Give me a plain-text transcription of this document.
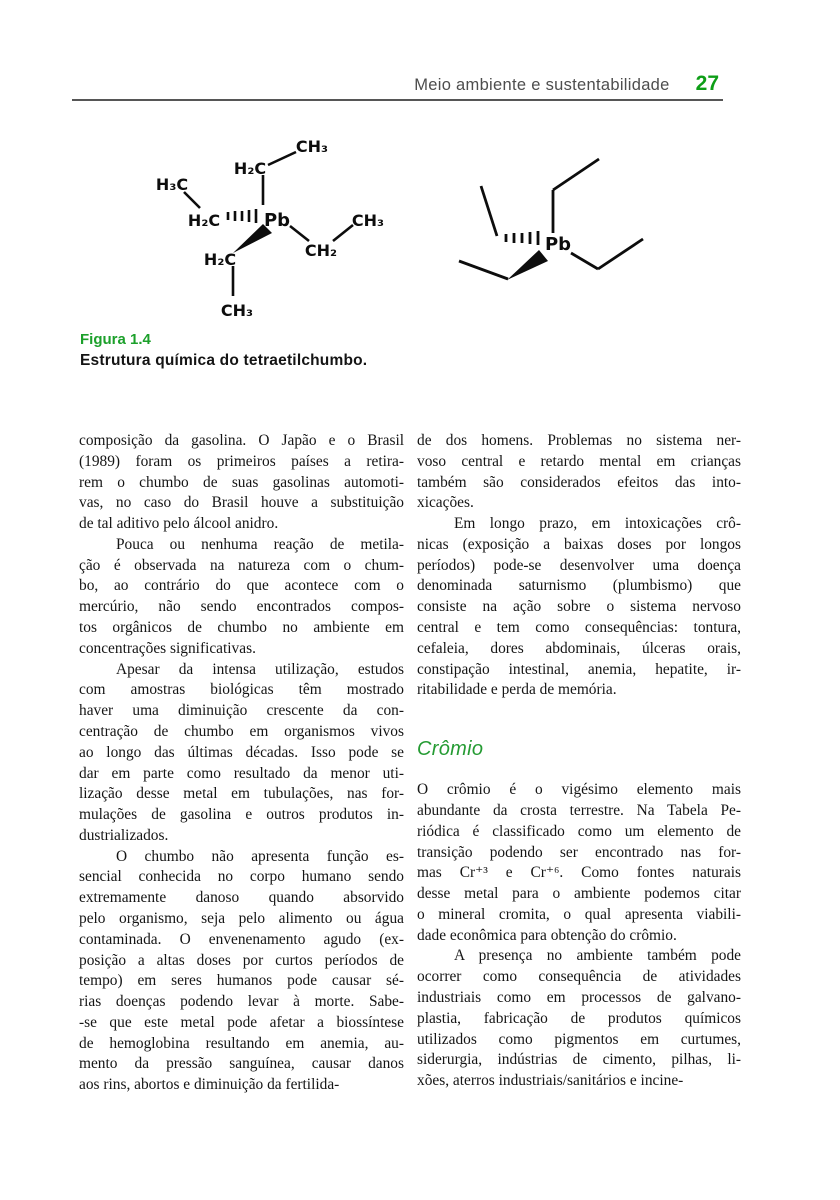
Meio ambiente e sustentabilidade 27
CH₃
H₂C
H₃C
H₂C Pb
CH₂
CH₃
H₂C
CH₃
Pb
Figura 1.4
Estrutura química do tetraetilchumbo.
composição da gasolina. O Japão e o Brasil
(1989) foram os primeiros países a retira-
rem o chumbo de suas gasolinas automoti-
vas, no caso do Brasil houve a substituição
de tal aditivo pelo álcool anidro.
Pouca ou nenhuma reação de metila-
ção é observada na natureza com o chum-
bo, ao contrário do que acontece com o
mercúrio, não sendo encontrados compos-
tos orgânicos de chumbo no ambiente em
concentrações significativas.
Apesar da intensa utilização, estudos
com amostras biológicas têm mostrado
haver uma diminuição crescente da con-
centração de chumbo em organismos vivos
ao longo das últimas décadas. Isso pode se
dar em parte como resultado da menor uti-
lização desse metal em tubulações, nas for-
mulações de gasolina e outros produtos in-
dustrializados.
O chumbo não apresenta função es-
sencial conhecida no corpo humano sendo
extremamente danoso quando absorvido
pelo organismo, seja pelo alimento ou água
contaminada. O envenenamento agudo (ex-
posição a altas doses por curtos períodos de
tempo) em seres humanos pode causar sé-
rias doenças podendo levar à morte. Sabe-
-se que este metal pode afetar a biossíntese
de hemoglobina resultando em anemia, au-
mento da pressão sanguínea, causar danos
aos rins, abortos e diminuição da fertilida-
de dos homens. Problemas no sistema ner-
voso central e retardo mental em crianças
também são considerados efeitos das into-
xicações.
Em longo prazo, em intoxicações crô-
nicas (exposição a baixas doses por longos
períodos) pode-se desenvolver uma doença
denominada saturnismo (plumbismo) que
consiste na ação sobre o sistema nervoso
central e tem como consequências: tontura,
cefaleia, dores abdominais, úlceras orais,
constipação intestinal, anemia, hepatite, ir-
ritabilidade e perda de memória.
Crômio
O crômio é o vigésimo elemento mais
abundante da crosta terrestre. Na Tabela Pe-
riódica é classificado como um elemento de
transição podendo ser encontrado nas for-
mas Cr⁺³ e Cr⁺⁶. Como fontes naturais
desse metal para o ambiente podemos citar
o mineral cromita, o qual apresenta viabili-
dade econômica para obtenção do crômio.
A presença no ambiente também pode
ocorrer como consequência de atividades
industriais como em processos de galvano-
plastia, fabricação de produtos químicos
utilizados como pigmentos em curtumes,
siderurgia, indústrias de cimento, pilhas, li-
xões, aterros industriais/sanitários e incine-
